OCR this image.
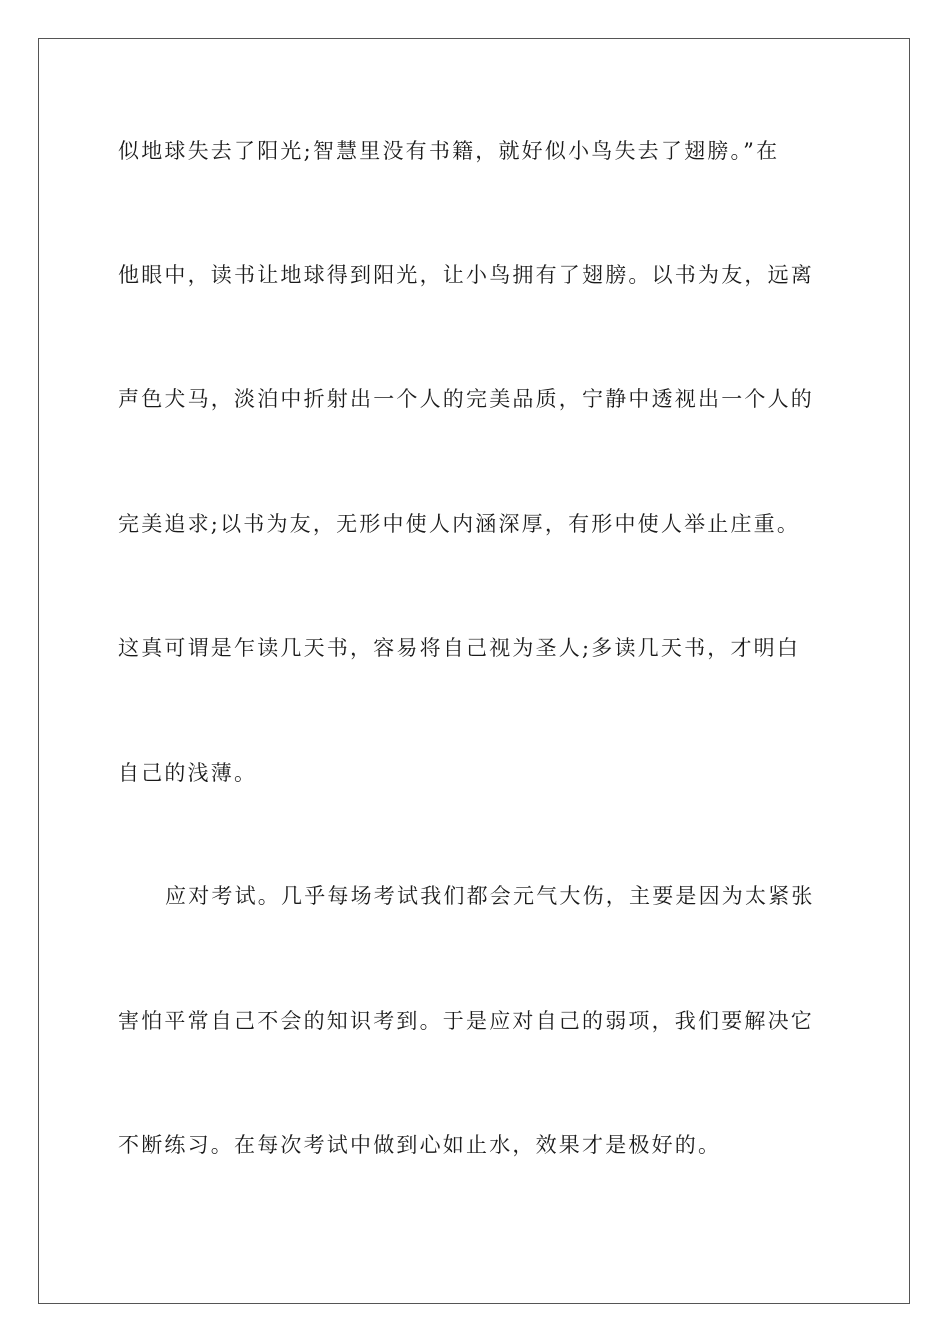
似地球失去了阳光;智慧里没有书籍，就好似小鸟失去了翅膀。”在
他眼中，读书让地球得到阳光，让小鸟拥有了翅膀。以书为友，远离
声色犬马，淡泊中折射出一个人的完美品质，宁静中透视出一个人的
完美追求;以书为友，无形中使人内涵深厚，有形中使人举止庄重。
这真可谓是乍读几天书，容易将自己视为圣人;多读几天书，才明白
自己的浅薄。
应对考试。几乎每场考试我们都会元气大伤，主要是因为太紧张
害怕平常自己不会的知识考到。于是应对自己的弱项，我们要解决它
不断练习。在每次考试中做到心如止水，效果才是极好的。
